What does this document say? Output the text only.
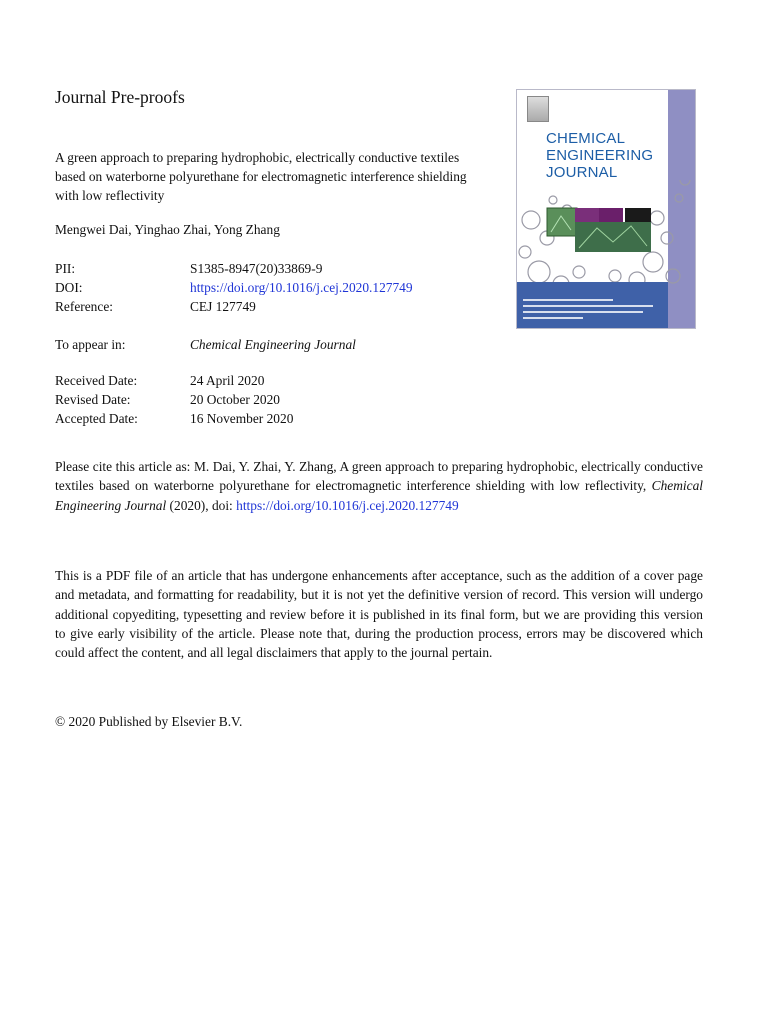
Journal Pre-proofs
A green approach to preparing hydrophobic, electrically conductive textiles
based on waterborne polyurethane for electromagnetic interference shielding
with low reflectivity
Mengwei Dai, Yinghao Zhai, Yong Zhang
PII:	S1385-8947(20)33869-9
DOI:	https://doi.org/10.1016/j.cej.2020.127749
Reference:	CEJ 127749
To appear in:	Chemical Engineering Journal
Received Date:	24 April 2020
Revised Date:	20 October 2020
Accepted Date:	16 November 2020
Please cite this article as: M. Dai, Y. Zhai, Y. Zhang, A green approach to preparing hydrophobic, electrically conductive textiles based on waterborne polyurethane for electromagnetic interference shielding with low reflectivity, Chemical Engineering Journal (2020), doi: https://doi.org/10.1016/j.cej.2020.127749
This is a PDF file of an article that has undergone enhancements after acceptance, such as the addition of a cover page and metadata, and formatting for readability, but it is not yet the definitive version of record. This version will undergo additional copyediting, typesetting and review before it is published in its final form, but we are providing this version to give early visibility of the article. Please note that, during the production process, errors may be discovered which could affect the content, and all legal disclaimers that apply to the journal pertain.
© 2020 Published by Elsevier B.V.
CHEMICAL
ENGINEERING
JOURNAL
